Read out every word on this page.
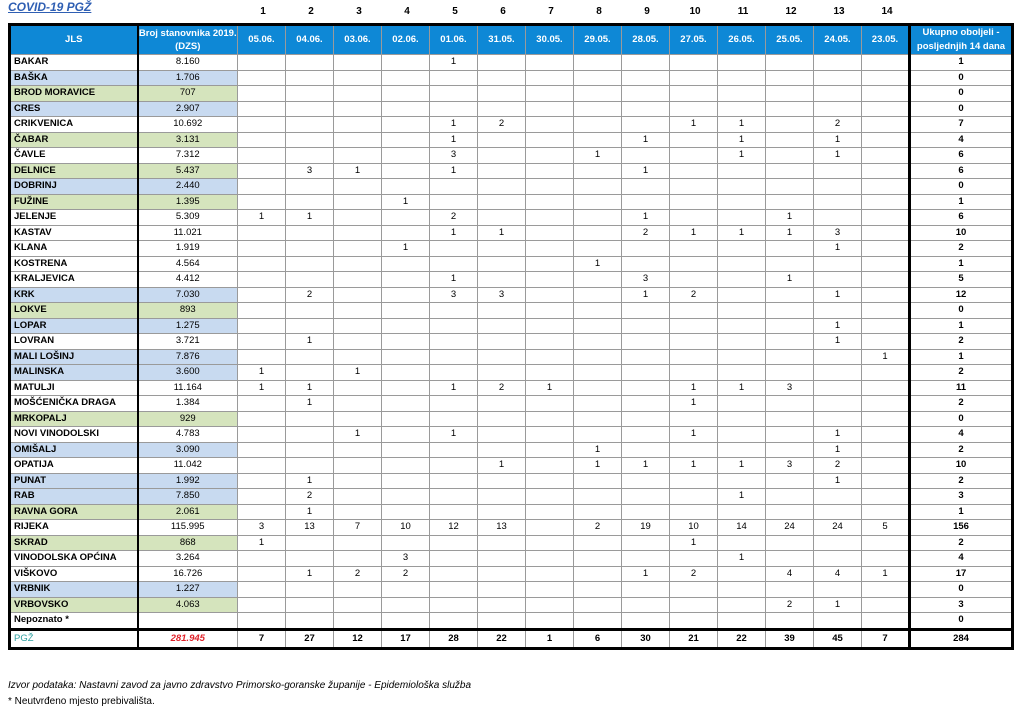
COVID-19 PGŽ	1	2	3	4	5	6	7	8	9	10	11	12	13	14
JLS	Broj stanovnika 2019. (DZS)	05.06.	04.06.	03.06.	02.06.	01.06.	31.05.	30.05.	29.05.	28.05.	27.05.	26.05.	25.05.	24.05.	23.05.	Ukupno oboljeli - posljednjih 14 dana
BAKAR	8.160					1										1
BAŠKA	1.706															0
BROD MORAVICE	707															0
CRES	2.907															0
CRIKVENICA	10.692					1	2				1	1		2		7
ČABAR	3.131					1				1		1		1		4
ČAVLE	7.312					3			1			1		1		6
DELNICE	5.437		3	1		1				1						6
DOBRINJ	2.440															0
FUŽINE	1.395				1											1
JELENJE	5.309	1	1			2				1			1			6
KASTAV	11.021					1	1			2	1	1	1	3		10
KLANA	1.919				1									1		2
KOSTRENA	4.564								1							1
KRALJEVICA	4.412					1				3			1			5
KRK	7.030		2			3	3			1	2			1		12
LOKVE	893															0
LOPAR	1.275													1		1
LOVRAN	3.721		1											1		2
MALI LOŠINJ	7.876														1	1
MALINSKA	3.600	1		1												2
MATULJI	11.164	1	1			1	2	1			1	1	3			11
MOŠĆENIČKA DRAGA	1.384		1								1					2
MRKOPALJ	929															0
NOVI VINODOLSKI	4.783			1		1					1			1		4
OMIŠALJ	3.090								1					1		2
OPATIJA	11.042						1		1	1	1	1	3	2		10
PUNAT	1.992		1											1		2
RAB	7.850		2									1				3
RAVNA GORA	2.061		1													1
RIJEKA	115.995	3	13	7	10	12	13		2	19	10	14	24	24	5	156
SKRAD	868	1									1					2
VINODOLSKA OPĆINA	3.264				3							1				4
VIŠKOVO	16.726		1	2	2					1	2		4	4	1	17
VRBNIK	1.227															0
VRBOVSKO	4.063												2	1		3
Nepoznato *																0
PGŽ	281.945	7	27	12	17	28	22	1	6	30	21	22	39	45	7	284
Izvor podataka: Nastavni zavod za javno zdravstvo Primorsko-goranske županije - Epidemiološka služba
* Neutvrđeno mjesto prebivališta.
